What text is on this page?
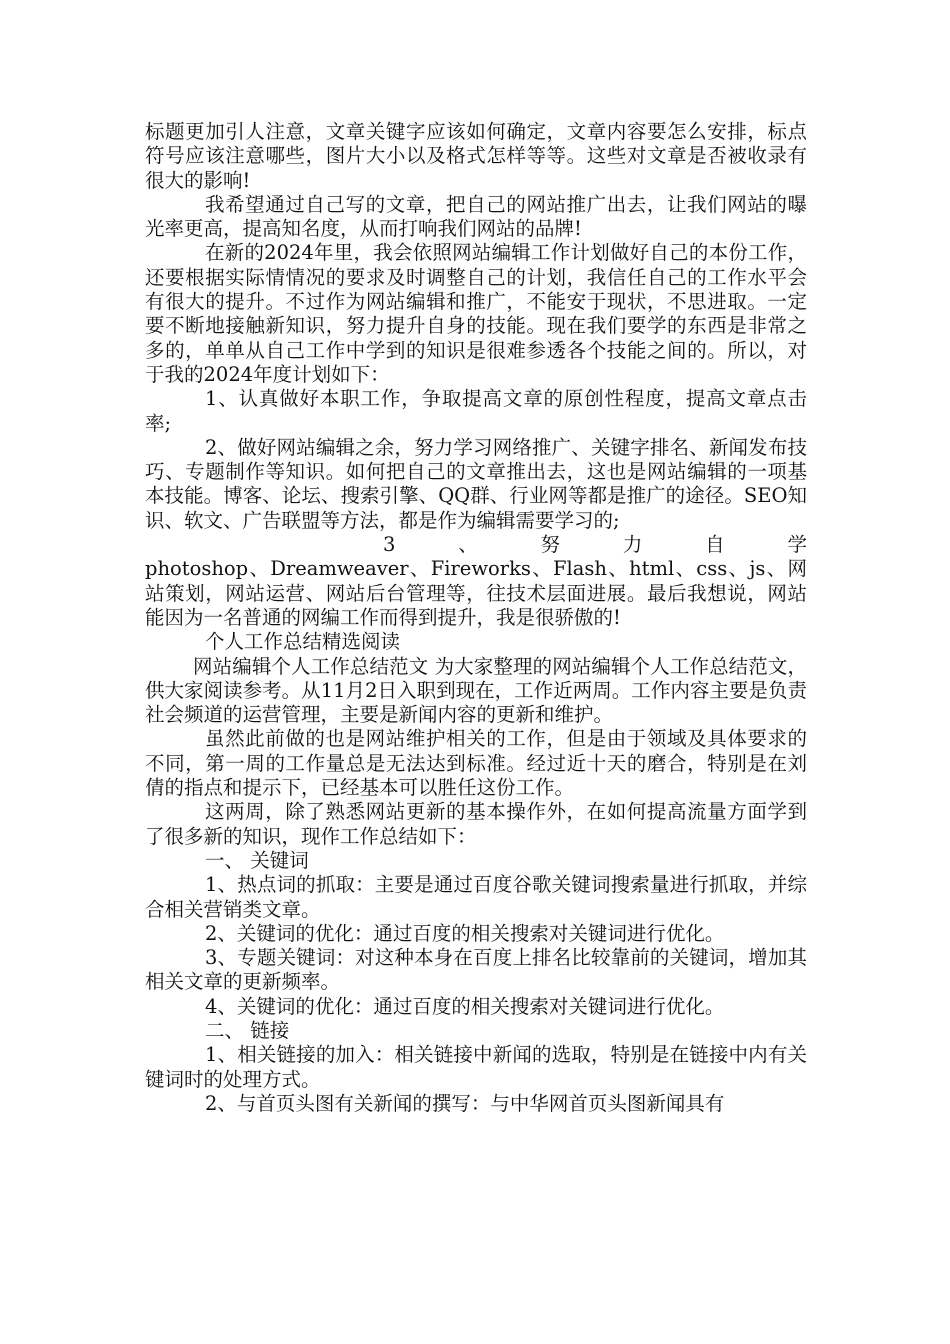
标题更加引人注意，文章关键字应该如何确定，文章内容要怎么安排，标点符号应该注意哪些，图片大小以及格式怎样等等。这些对文章是否被收录有很大的影响!

我希望通过自己写的文章，把自己的网站推广出去，让我们网站的曝光率更高，提高知名度，从而打响我们网站的品牌!

在新的2024年里，我会依照网站编辑工作计划做好自己的本份工作，还要根据实际情情况的要求及时调整自己的计划，我信任自己的工作水平会有很大的提升。不过作为网站编辑和推广，不能安于现状，不思进取。一定要不断地接触新知识，努力提升自身的技能。现在我们要学的东西是非常之多的，单单从自己工作中学到的知识是很难参透各个技能之间的。所以，对于我的2024年度计划如下：

1、认真做好本职工作，争取提高文章的原创性程度，提高文章点击率;

2、做好网站编辑之余，努力学习网络推广、关键字排名、新闻发布技巧、专题制作等知识。如何把自己的文章推出去，这也是网站编辑的一项基本技能。博客、论坛、搜索引擎、QQ群、行业网等都是推广的途径。SEO知识、软文、广告联盟等方法，都是作为编辑需要学习的;

3	、	努	力	自	学

photoshop、Dreamweaver、Fireworks、Flash、html、css、js、网站策划，网站运营、网站后台管理等，往技术层面进展。最后我想说，网站能因为一名普通的网编工作而得到提升，我是很骄傲的!

个人工作总结精选阅读

网站编辑个人工作总结范文 为大家整理的网站编辑个人工作总结范文，供大家阅读参考。从11月2日入职到现在，工作近两周。工作内容主要是负责社会频道的运营管理，主要是新闻内容的更新和维护。

虽然此前做的也是网站维护相关的工作，但是由于领域及具体要求的不同，第一周的工作量总是无法达到标准。经过近十天的磨合，特别是在刘倩的指点和提示下，已经基本可以胜任这份工作。

这两周，除了熟悉网站更新的基本操作外，在如何提高流量方面学到了很多新的知识，现作工作总结如下：

一、 关键词

1、热点词的抓取：主要是通过百度谷歌关键词搜索量进行抓取，并综合相关营销类文章。

2、关键词的优化：通过百度的相关搜索对关键词进行优化。

3、专题关键词：对这种本身在百度上排名比较靠前的关键词，增加其相关文章的更新频率。

4、关键词的优化：通过百度的相关搜索对关键词进行优化。

二、 链接

1、相关链接的加入：相关链接中新闻的选取，特别是在链接中内有关键词时的处理方式。

2、与首页头图有关新闻的撰写：与中华网首页头图新闻具有
